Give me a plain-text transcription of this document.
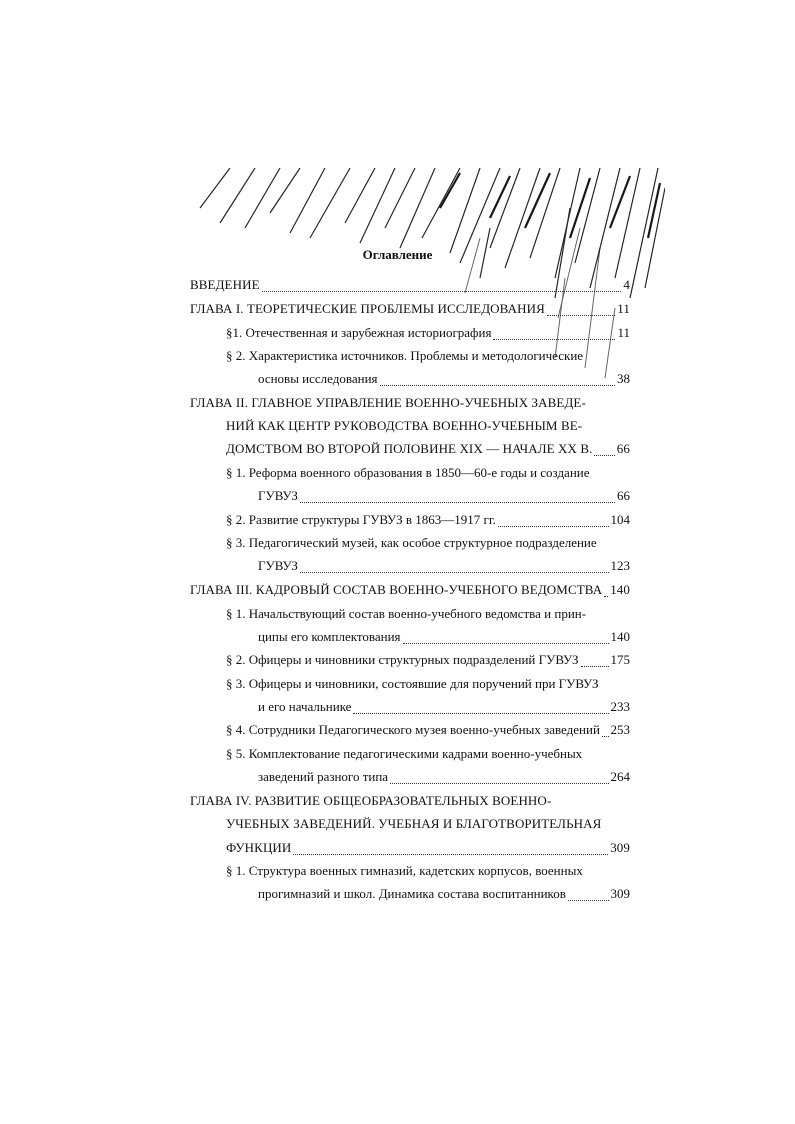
Оглавление
ВВЕДЕНИЕ	4
ГЛАВА I. ТЕОРЕТИЧЕСКИЕ ПРОБЛЕМЫ ИССЛЕДОВАНИЯ	11
§1. Отечественная и зарубежная историография	11
§ 2. Характеристика источников. Проблемы и методологические
основы исследования	38
ГЛАВА II. ГЛАВНОЕ УПРАВЛЕНИЕ ВОЕННО-УЧЕБНЫХ ЗАВЕДЕ-
НИЙ КАК ЦЕНТР РУКОВОДСТВА ВОЕННО-УЧЕБНЫМ ВЕ-
ДОМСТВОМ ВО ВТОРОЙ ПОЛОВИНЕ XIX — НАЧАЛЕ XX В. 66
§ 1. Реформа военного образования в 1850—60-е годы и создание
ГУВУЗ	66
§ 2. Развитие структуры ГУВУЗ в 1863—1917 гг.	104
§ 3. Педагогический музей, как особое структурное подразделение
ГУВУЗ	123
ГЛАВА III. КАДРОВЫЙ СОСТАВ ВОЕННО-УЧЕБНОГО ВЕДОМСТВА 140
§ 1. Начальствующий состав военно-учебного ведомства и прин-
ципы его комплектования	140
§ 2. Офицеры и чиновники структурных подразделений ГУВУЗ 175
§ 3. Офицеры и чиновники, состоявшие для поручений при ГУВУЗ
и его начальнике	233
§ 4. Сотрудники Педагогического музея военно-учебных заведений 253
§ 5. Комплектование педагогическими кадрами военно-учебных
заведений разного типа	264
ГЛАВА IV. РАЗВИТИЕ ОБЩЕОБРАЗОВАТЕЛЬНЫХ ВОЕННО-
УЧЕБНЫХ ЗАВЕДЕНИЙ. УЧЕБНАЯ И БЛАГОТВОРИТЕЛЬНАЯ
ФУНКЦИИ	309
§ 1. Структура военных гимназий, кадетских корпусов, военных
прогимназий и школ. Динамика состава воспитанников	309
